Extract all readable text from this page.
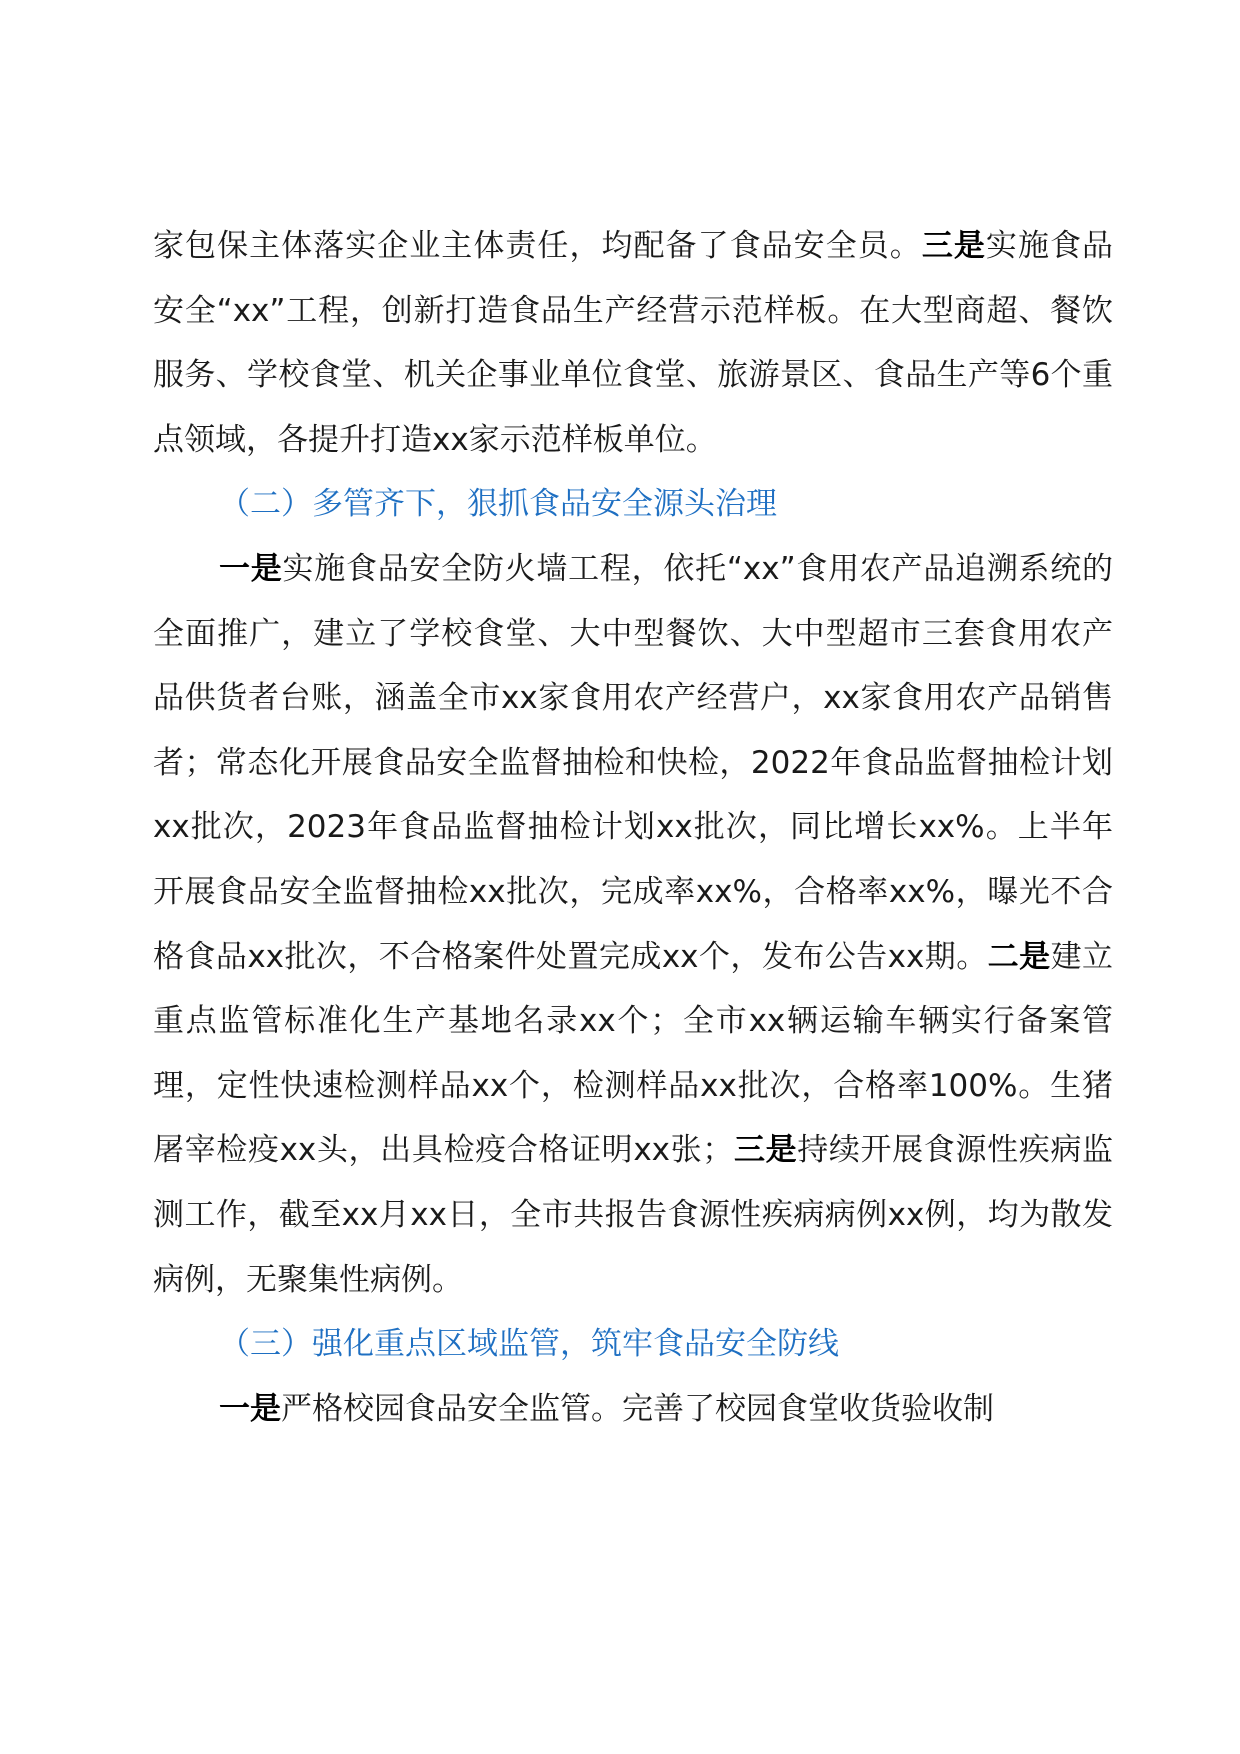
家包保主体落实企业主体责任，均配备了食品安全员。三是实施食品安全“xx”工程，创新打造食品生产经营示范样板。在大型商超、餐饮服务、学校食堂、机关企事业单位食堂、旅游景区、食品生产等6个重点领域，各提升打造xx家示范样板单位。

（二）多管齐下，狠抓食品安全源头治理

一是实施食品安全防火墙工程，依托“xx”食用农产品追溯系统的全面推广，建立了学校食堂、大中型餐饮、大中型超市三套食用农产品供货者台账，涵盖全市xx家食用农产经营户，xx家食用农产品销售者；常态化开展食品安全监督抽检和快检，2022年食品监督抽检计划xx批次，2023年食品监督抽检计划xx批次，同比增长xx%。上半年开展食品安全监督抽检xx批次，完成率xx%，合格率xx%，曝光不合格食品xx批次，不合格案件处置完成xx个，发布公告xx期。二是建立重点监管标准化生产基地名录xx个；全市xx辆运输车辆实行备案管理，定性快速检测样品xx个，检测样品xx批次，合格率100%。生猪屠宰检疫xx头，出具检疫合格证明xx张；三是持续开展食源性疾病监测工作，截至xx月xx日，全市共报告食源性疾病病例xx例，均为散发病例，无聚集性病例。

（三）强化重点区域监管，筑牢食品安全防线

一是严格校园食品安全监管。完善了校园食堂收货验收制
